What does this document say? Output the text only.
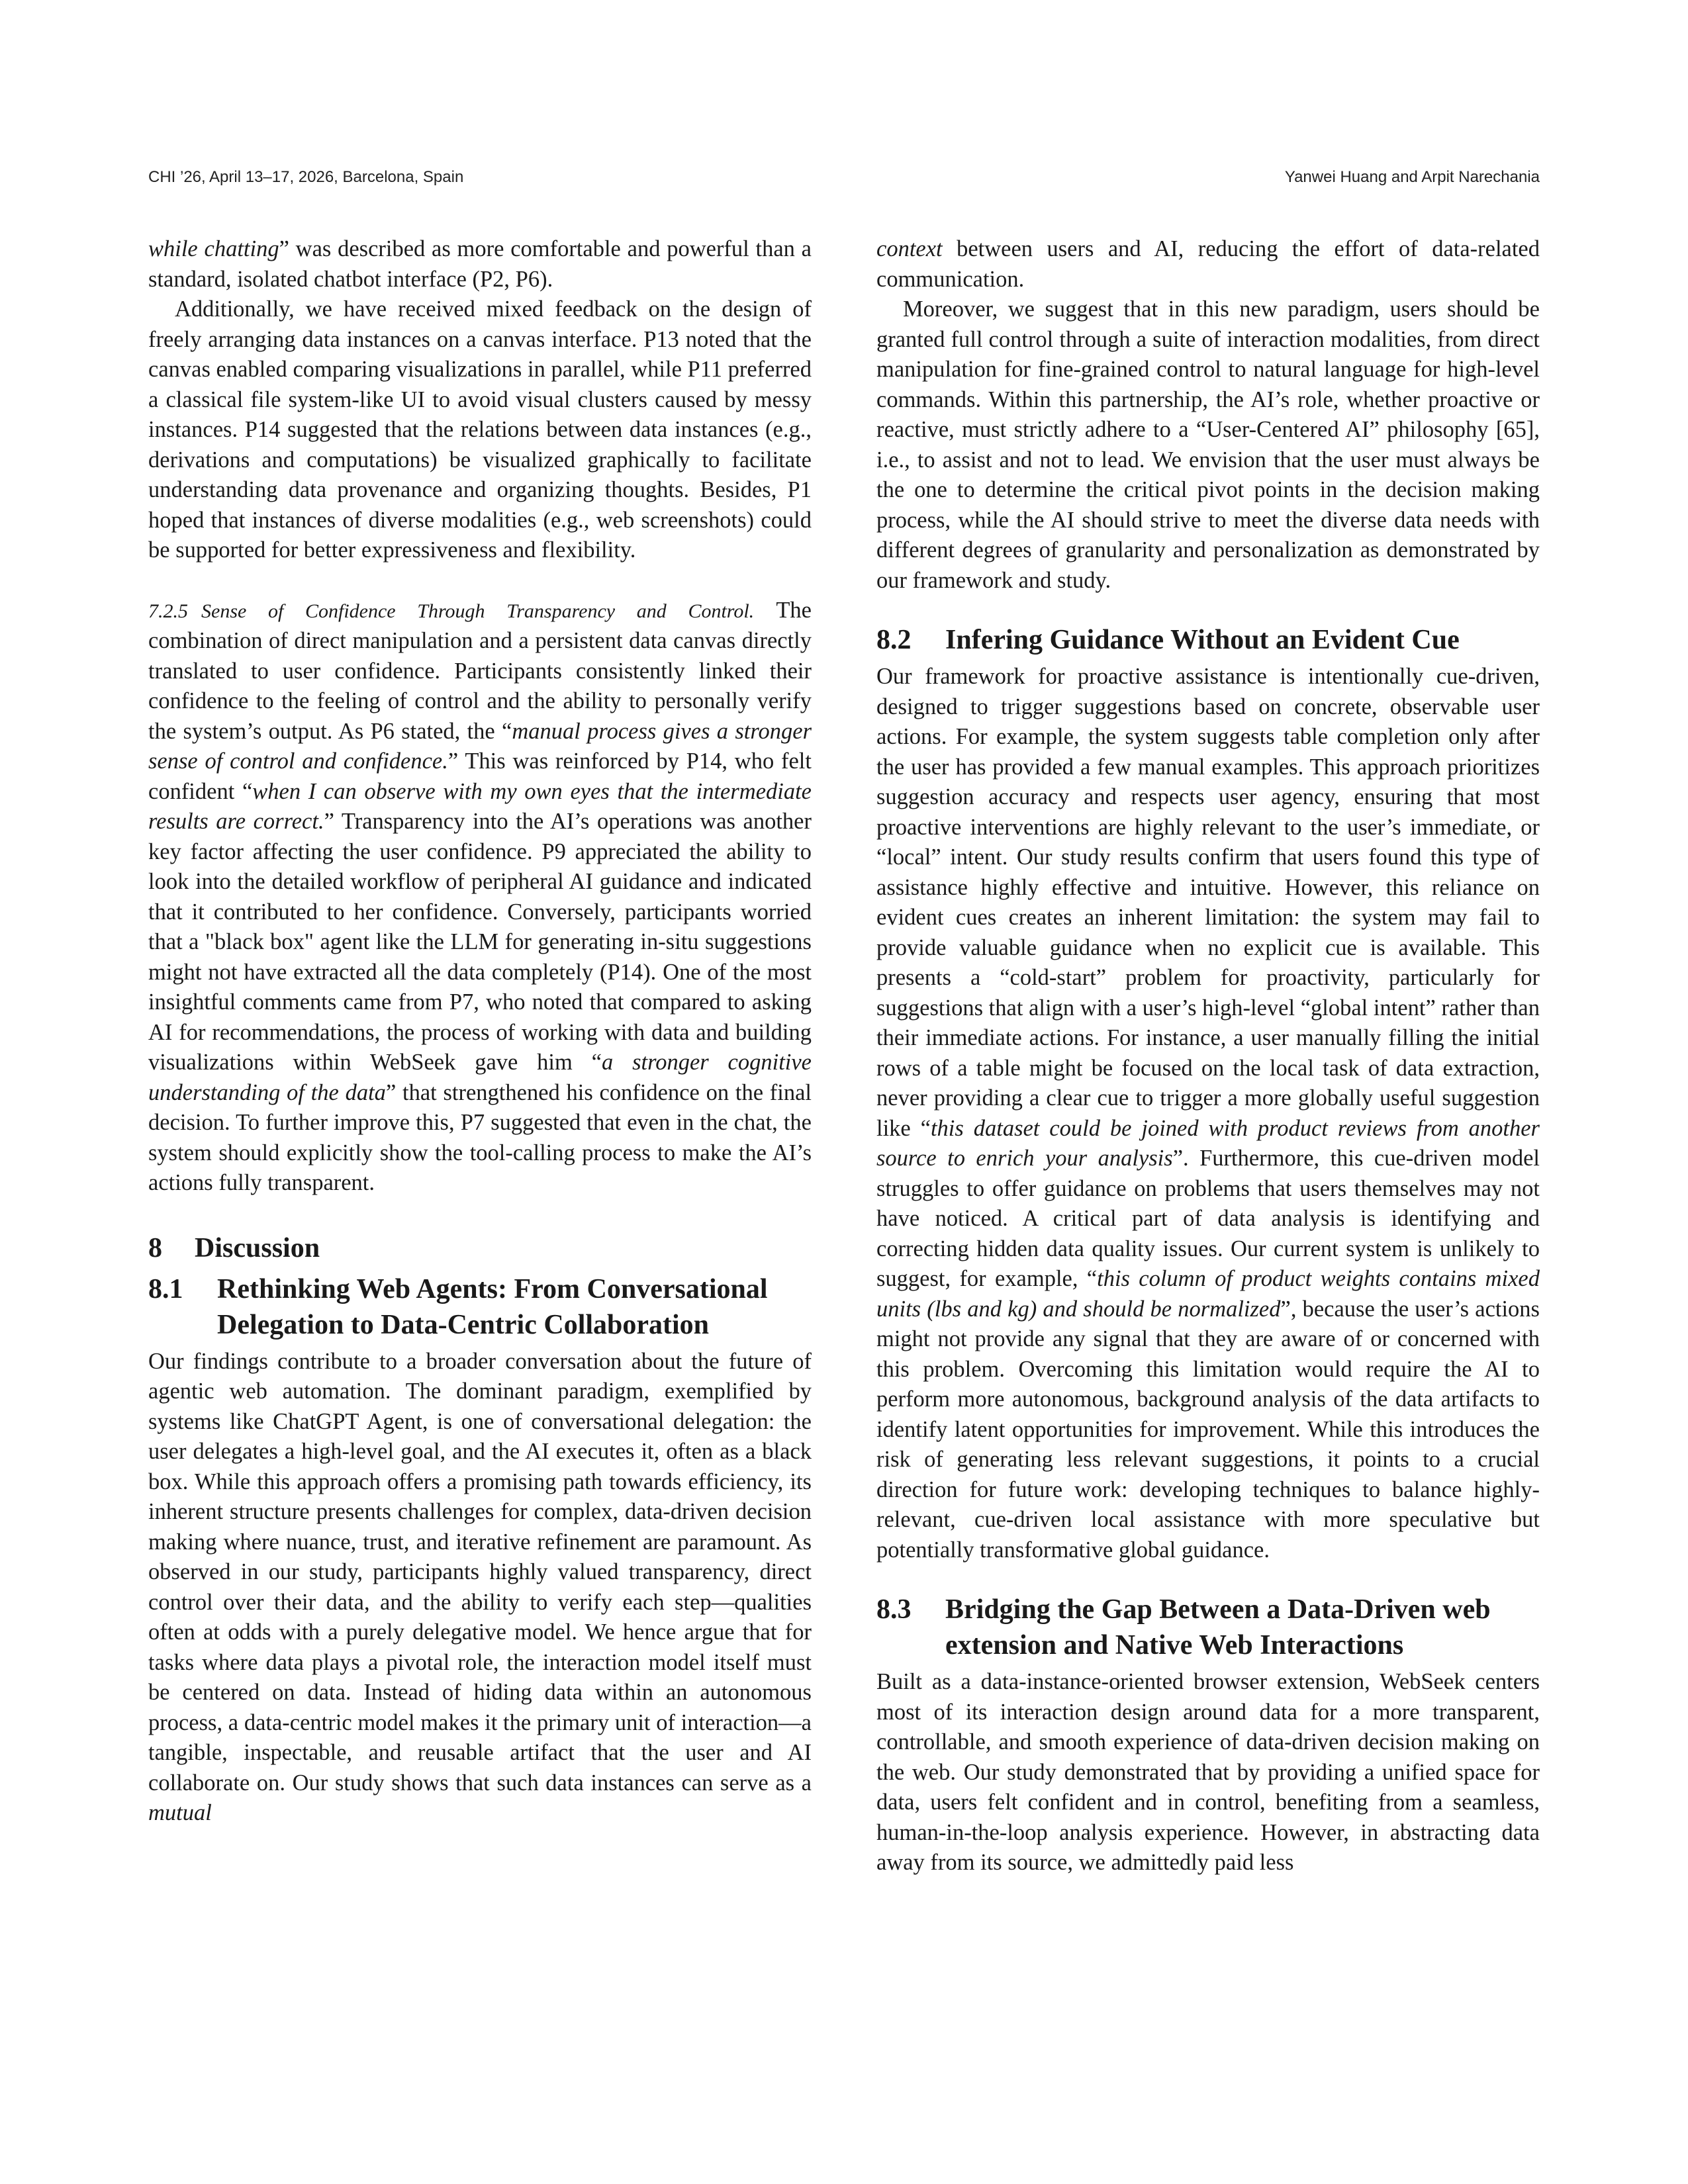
CHI ’26, April 13–17, 2026, Barcelona, Spain	Yanwei Huang and Arpit Narechania

while chatting” was described as more comfortable and powerful than a standard, isolated chatbot interface (P2, P6).

Additionally, we have received mixed feedback on the design of freely arranging data instances on a canvas interface. P13 noted that the canvas enabled comparing visualizations in parallel, while P11 preferred a classical file system-like UI to avoid visual clusters caused by messy instances. P14 suggested that the relations between data instances (e.g., derivations and computations) be visualized graphically to facilitate understanding data provenance and organizing thoughts. Besides, P1 hoped that instances of diverse modalities (e.g., web screenshots) could be supported for better expressiveness and flexibility.

7.2.5 Sense of Confidence Through Transparency and Control. The combination of direct manipulation and a persistent data canvas directly translated to user confidence. Participants consistently linked their confidence to the feeling of control and the ability to personally verify the system’s output. As P6 stated, the “manual process gives a stronger sense of control and confidence.” This was reinforced by P14, who felt confident “when I can observe with my own eyes that the intermediate results are correct.” Transparency into the AI’s operations was another key factor affecting the user confidence. P9 appreciated the ability to look into the detailed workflow of peripheral AI guidance and indicated that it contributed to her confidence. Conversely, participants worried that a "black box" agent like the LLM for generating in-situ suggestions might not have extracted all the data completely (P14). One of the most insightful comments came from P7, who noted that compared to asking AI for recommendations, the process of working with data and building visualizations within WebSeek gave him “a stronger cognitive understanding of the data” that strengthened his confidence on the final decision. To further improve this, P7 suggested that even in the chat, the system should explicitly show the tool-calling process to make the AI’s actions fully transparent.

8	Discussion
8.1	Rethinking Web Agents: From Conversational Delegation to Data-Centric Collaboration

Our findings contribute to a broader conversation about the future of agentic web automation. The dominant paradigm, exemplified by systems like ChatGPT Agent, is one of conversational delegation: the user delegates a high-level goal, and the AI executes it, often as a black box. While this approach offers a promising path towards efficiency, its inherent structure presents challenges for complex, data-driven decision making where nuance, trust, and iterative refinement are paramount. As observed in our study, participants highly valued transparency, direct control over their data, and the ability to verify each step—qualities often at odds with a purely delegative model. We hence argue that for tasks where data plays a pivotal role, the interaction model itself must be centered on data. Instead of hiding data within an autonomous process, a data-centric model makes it the primary unit of interaction—a tangible, inspectable, and reusable artifact that the user and AI collaborate on. Our study shows that such data instances can serve as a mutual

context between users and AI, reducing the effort of data-related communication.

Moreover, we suggest that in this new paradigm, users should be granted full control through a suite of interaction modalities, from direct manipulation for fine-grained control to natural language for high-level commands. Within this partnership, the AI’s role, whether proactive or reactive, must strictly adhere to a “User-Centered AI” philosophy [65], i.e., to assist and not to lead. We envision that the user must always be the one to determine the critical pivot points in the decision making process, while the AI should strive to meet the diverse data needs with different degrees of granularity and personalization as demonstrated by our framework and study.

8.2	Infering Guidance Without an Evident Cue

Our framework for proactive assistance is intentionally cue-driven, designed to trigger suggestions based on concrete, observable user actions. For example, the system suggests table completion only after the user has provided a few manual examples. This approach prioritizes suggestion accuracy and respects user agency, ensuring that most proactive interventions are highly relevant to the user’s immediate, or “local” intent. Our study results confirm that users found this type of assistance highly effective and intuitive. However, this reliance on evident cues creates an inherent limitation: the system may fail to provide valuable guidance when no explicit cue is available. This presents a “cold-start” problem for proactivity, particularly for suggestions that align with a user’s high-level “global intent” rather than their immediate actions. For instance, a user manually filling the initial rows of a table might be focused on the local task of data extraction, never providing a clear cue to trigger a more globally useful suggestion like “this dataset could be joined with product reviews from another source to enrich your analysis”. Furthermore, this cue-driven model struggles to offer guidance on problems that users themselves may not have noticed. A critical part of data analysis is identifying and correcting hidden data quality issues. Our current system is unlikely to suggest, for example, “this column of product weights contains mixed units (lbs and kg) and should be normalized”, because the user’s actions might not provide any signal that they are aware of or concerned with this problem. Overcoming this limitation would require the AI to perform more autonomous, background analysis of the data artifacts to identify latent opportunities for improvement. While this introduces the risk of generating less relevant suggestions, it points to a crucial direction for future work: developing techniques to balance highly-relevant, cue-driven local assistance with more speculative but potentially transformative global guidance.

8.3	Bridging the Gap Between a Data-Driven web extension and Native Web Interactions

Built as a data-instance-oriented browser extension, WebSeek centers most of its interaction design around data for a more transparent, controllable, and smooth experience of data-driven decision making on the web. Our study demonstrated that by providing a unified space for data, users felt confident and in control, benefiting from a seamless, human-in-the-loop analysis experience. However, in abstracting data away from its source, we admittedly paid less
